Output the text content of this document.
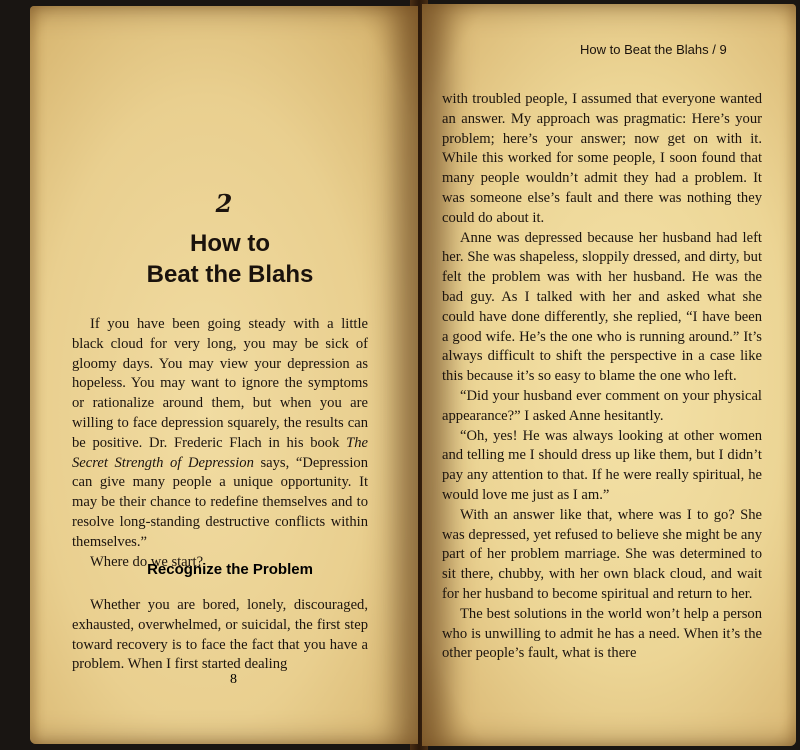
2
How to
Beat the Blahs

If you have been going steady with a little black cloud for very long, you may be sick of gloomy days. You may view your depression as hopeless. You may want to ignore the symptoms or rationalize around them, but when you are willing to face depression squarely, the results can be positive. Dr. Frederic Flach in his book The Secret Strength of Depression says, “Depression can give many people a unique opportunity. It may be their chance to redefine themselves and to resolve long-standing destructive conflicts within themselves.”

Where do we start?

Recognize the Problem

Whether you are bored, lonely, discouraged, exhausted, overwhelmed, or suicidal, the first step toward recovery is to face the fact that you have a problem. When I first started dealing

8
How to Beat the Blahs / 9

with troubled people, I assumed that everyone wanted an answer. My approach was pragmatic: Here’s your problem; here’s your answer; now get on with it. While this worked for some people, I soon found that many people wouldn’t admit they had a problem. It was someone else’s fault and there was nothing they could do about it.

Anne was depressed because her husband had left her. She was shapeless, sloppily dressed, and dirty, but felt the problem was with her husband. He was the bad guy. As I talked with her and asked what she could have done differently, she replied, “I have been a good wife. He’s the one who is running around.” It’s always difficult to shift the perspective in a case like this because it’s so easy to blame the one who left.

“Did your husband ever comment on your physical appearance?” I asked Anne hesitantly.

“Oh, yes! He was always looking at other women and telling me I should dress up like them, but I didn’t pay any attention to that. If he were really spiritual, he would love me just as I am.”

With an answer like that, where was I to go? She was depressed, yet refused to believe she might be any part of her problem marriage. She was determined to sit there, chubby, with her own black cloud, and wait for her husband to become spiritual and return to her.

The best solutions in the world won’t help a person who is unwilling to admit he has a need. When it’s the other people’s fault, what is there
